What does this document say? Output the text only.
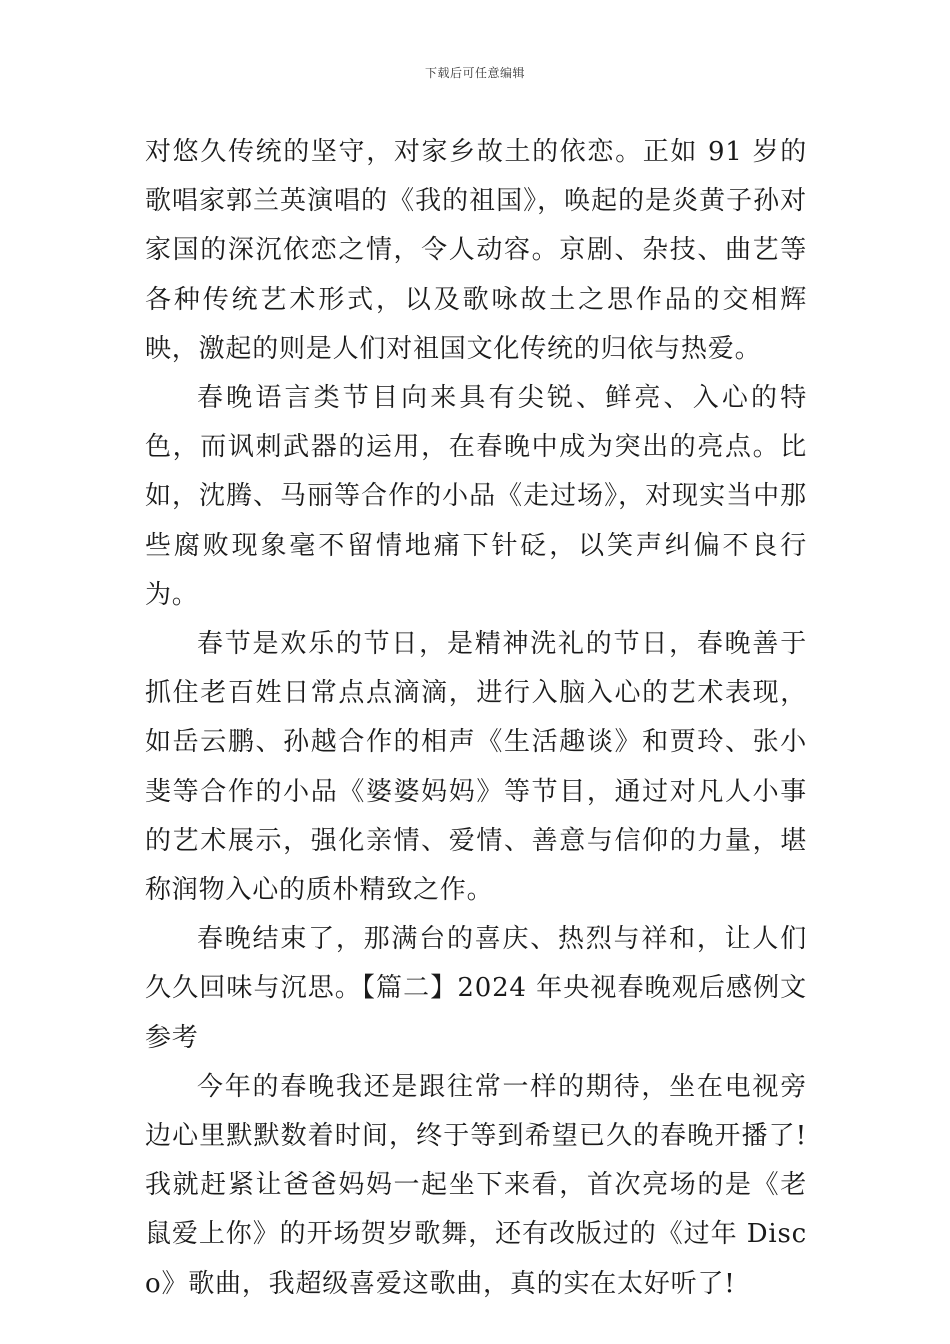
下载后可任意编辑

对悠久传统的坚守，对家乡故土的依恋。正如 91 岁的歌唱家郭兰英演唱的《我的祖国》，唤起的是炎黄子孙对家国的深沉依恋之情，令人动容。京剧、杂技、曲艺等各种传统艺术形式，以及歌咏故土之思作品的交相辉映，激起的则是人们对祖国文化传统的归依与热爱。

春晚语言类节目向来具有尖锐、鲜亮、入心的特色，而讽刺武器的运用，在春晚中成为突出的亮点。比如，沈腾、马丽等合作的小品《走过场》，对现实当中那些腐败现象毫不留情地痛下针砭，以笑声纠偏不良行为。

春节是欢乐的节日，是精神洗礼的节日，春晚善于抓住老百姓日常点点滴滴，进行入脑入心的艺术表现，如岳云鹏、孙越合作的相声《生活趣谈》和贾玲、张小斐等合作的小品《婆婆妈妈》等节目，通过对凡人小事的艺术展示，强化亲情、爱情、善意与信仰的力量，堪称润物入心的质朴精致之作。

春晚结束了，那满台的喜庆、热烈与祥和，让人们久久回味与沉思。【篇二】2024 年央视春晚观后感例文参考

今年的春晚我还是跟往常一样的期待，坐在电视旁边心里默默数着时间，终于等到希望已久的春晚开播了!我就赶紧让爸爸妈妈一起坐下来看，首次亮场的是《老鼠爱上你》的开场贺岁歌舞，还有改版过的《过年 Disco》歌曲，我超级喜爱这歌曲，真的实在太好听了!
